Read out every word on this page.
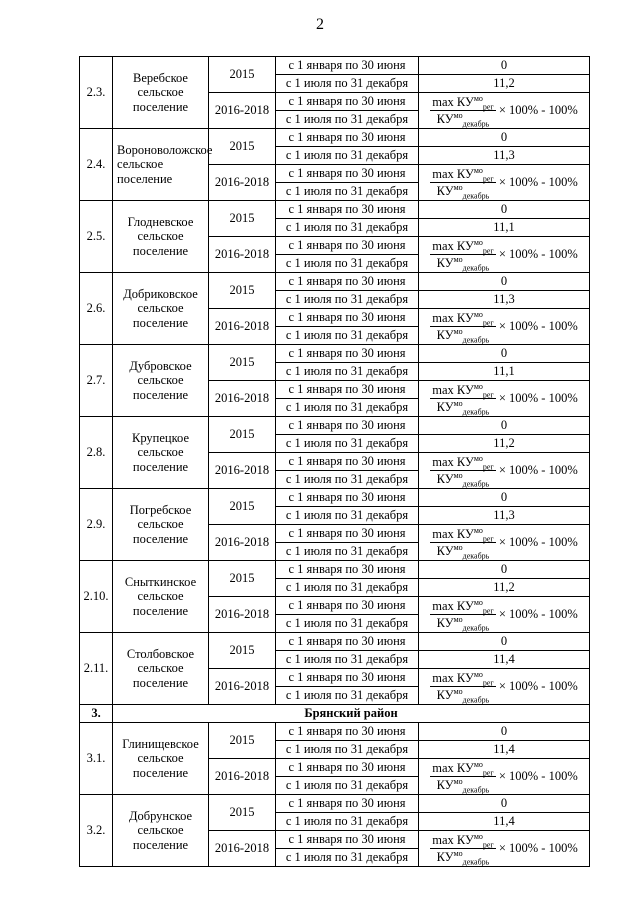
2
2.3.	Веребское сельское поселение	2015	с 1 января по 30 июня	0
			с 1 июля по 31 декабря	11,2
		2016-2018	с 1 января по 30 июня	$\frac{\max КУ^{мо}_{рег}}{КУ^{мо}_{декабрь}} \times 100\% - 100\%$
			с 1 июля по 31 декабря	
2.4.	Вороноволожское сельское поселение	2015	с 1 января по 30 июня	0
			с 1 июля по 31 декабря	11,3
		2016-2018	с 1 января по 30 июня	$\frac{\max КУ^{мо}_{рег}}{КУ^{мо}_{декабрь}} \times 100\% - 100\%$
			с 1 июля по 31 декабря	
2.5.	Глодневское сельское поселение	2015	с 1 января по 30 июня	0
			с 1 июля по 31 декабря	11,1
		2016-2018	с 1 января по 30 июня	$\frac{\max КУ^{мо}_{рег}}{КУ^{мо}_{декабрь}} \times 100\% - 100\%$
			с 1 июля по 31 декабря	
2.6.	Добриковское сельское поселение	2015	с 1 января по 30 июня	0
			с 1 июля по 31 декабря	11,3
		2016-2018	с 1 января по 30 июня	$\frac{\max КУ^{мо}_{рег}}{КУ^{мо}_{декабрь}} \times 100\% - 100\%$
			с 1 июля по 31 декабря	
2.7.	Дубровское сельское поселение	2015	с 1 января по 30 июня	0
			с 1 июля по 31 декабря	11,1
		2016-2018	с 1 января по 30 июня	$\frac{\max КУ^{мо}_{рег}}{КУ^{мо}_{декабрь}} \times 100\% - 100\%$
			с 1 июля по 31 декабря	
2.8.	Крупецкое сельское поселение	2015	с 1 января по 30 июня	0
			с 1 июля по 31 декабря	11,2
		2016-2018	с 1 января по 30 июня	$\frac{\max КУ^{мо}_{рег}}{КУ^{мо}_{декабрь}} \times 100\% - 100\%$
			с 1 июля по 31 декабря	
2.9.	Погребское сельское поселение	2015	с 1 января по 30 июня	0
			с 1 июля по 31 декабря	11,3
		2016-2018	с 1 января по 30 июня	$\frac{\max КУ^{мо}_{рег}}{КУ^{мо}_{декабрь}} \times 100\% - 100\%$
			с 1 июля по 31 декабря	
2.10.	Сныткинское сельское поселение	2015	с 1 января по 30 июня	0
			с 1 июля по 31 декабря	11,2
		2016-2018	с 1 января по 30 июня	$\frac{\max КУ^{мо}_{рег}}{КУ^{мо}_{декабрь}} \times 100\% - 100\%$
			с 1 июля по 31 декабря	
2.11.	Столбовское сельское поселение	2015	с 1 января по 30 июня	0
			с 1 июля по 31 декабря	11,4
		2016-2018	с 1 января по 30 июня	$\frac{\max КУ^{мо}_{рег}}{КУ^{мо}_{декабрь}} \times 100\% - 100\%$
			с 1 июля по 31 декабря	
3.	Брянский район			
3.1.	Глинищевское сельское поселение	2015	с 1 января по 30 июня	0
			с 1 июля по 31 декабря	11,4
		2016-2018	с 1 января по 30 июня	$\frac{\max КУ^{мо}_{рег}}{КУ^{мо}_{декабрь}} \times 100\% - 100\%$
			с 1 июля по 31 декабря	
3.2.	Добрунское сельское поселение	2015	с 1 января по 30 июня	0
			с 1 июля по 31 декабря	11,4
		2016-2018	с 1 января по 30 июня	$\frac{\max КУ^{мо}_{рег}}{КУ^{мо}_{декабрь}} \times 100\% - 100\%$
			с 1 июля по 31 декабря	
